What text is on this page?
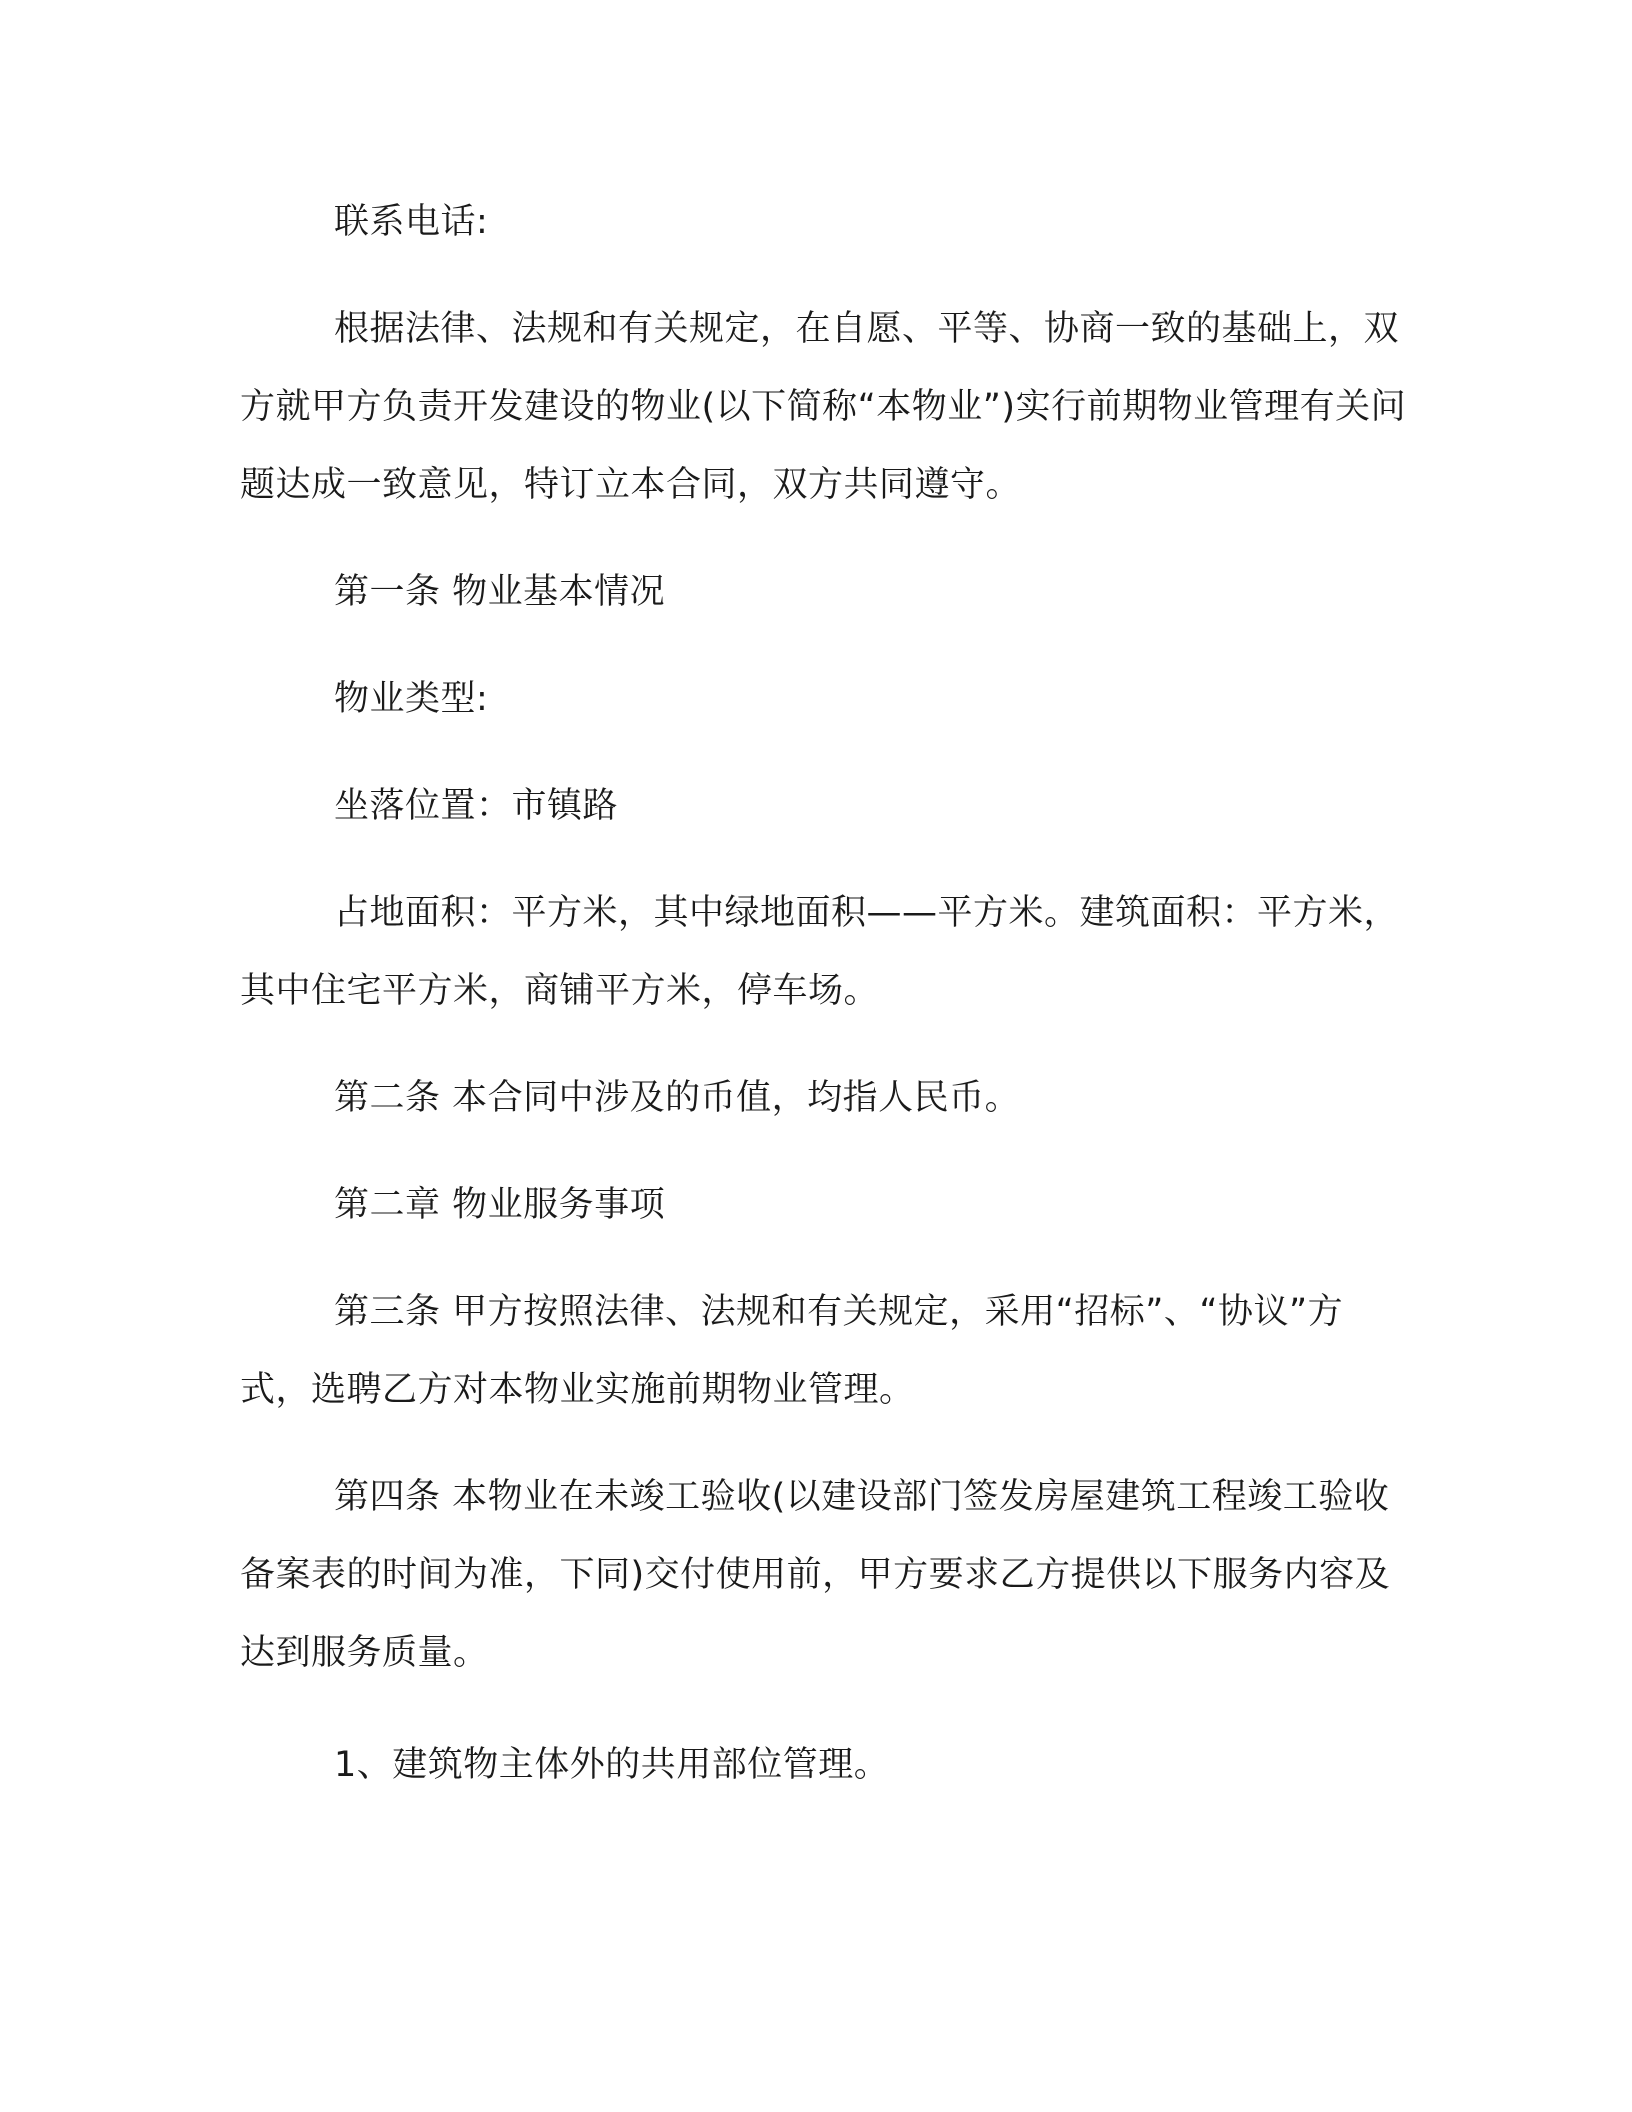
联系电话:

根据法律、法规和有关规定，在自愿、平等、协商一致的基础上，双方就甲方负责开发建设的物业(以下简称“本物业”)实行前期物业管理有关问题达成一致意见，特订立本合同，双方共同遵守。

第一条 物业基本情况

物业类型:

坐落位置：市镇路

占地面积：平方米，其中绿地面积——平方米。建筑面积：平方米，其中住宅平方米，商铺平方米，停车场。

第二条 本合同中涉及的币值，均指人民币。

第二章 物业服务事项

第三条 甲方按照法律、法规和有关规定，采用“招标”、“协议”方式，选聘乙方对本物业实施前期物业管理。

第四条 本物业在未竣工验收(以建设部门签发房屋建筑工程竣工验收备案表的时间为准，下同)交付使用前，甲方要求乙方提供以下服务内容及达到服务质量。

1、建筑物主体外的共用部位管理。
